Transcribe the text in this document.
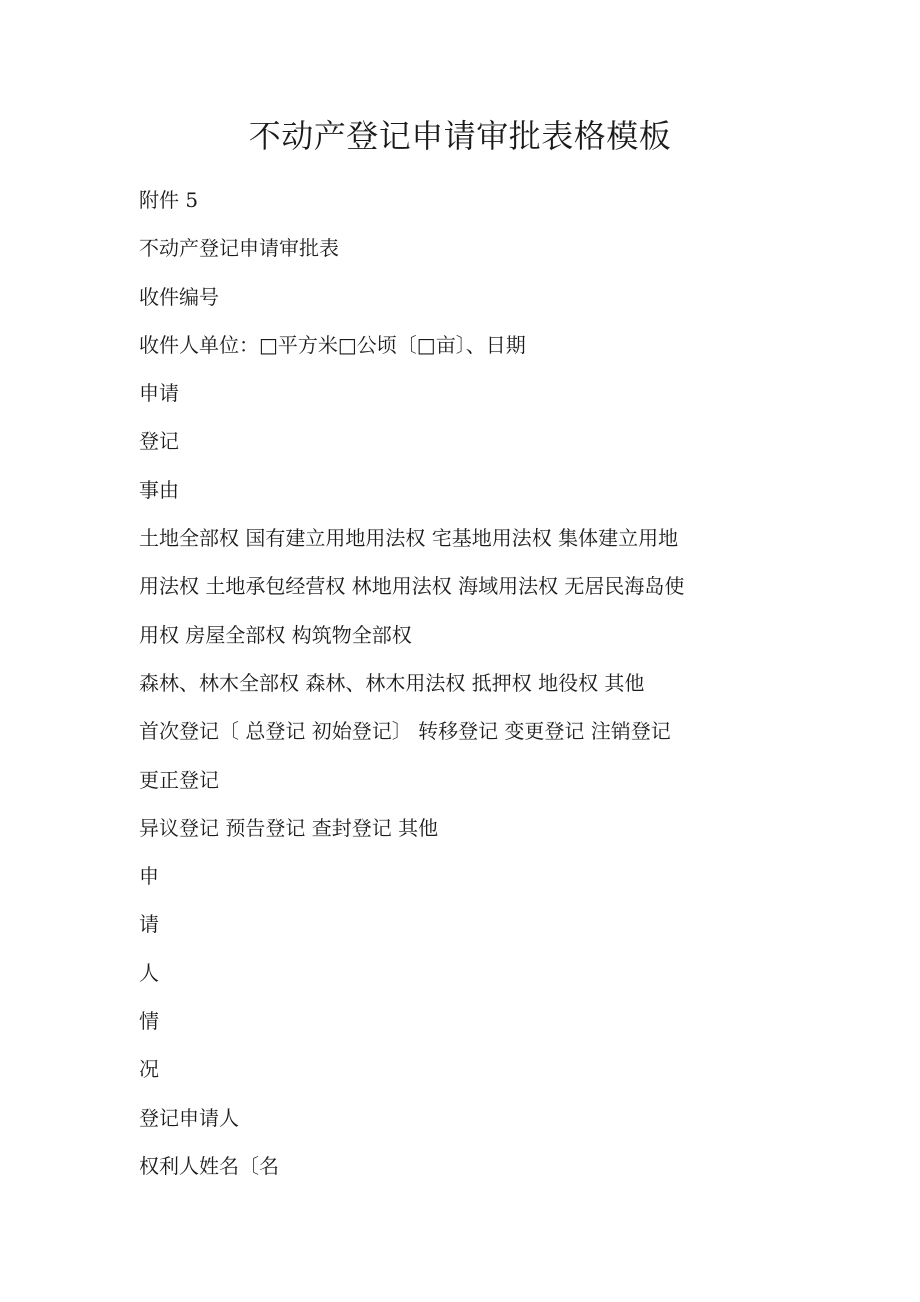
不动产登记申请审批表格模板
附件 5
不动产登记申请审批表
收件编号
收件人单位：□平方米□公顷〔□亩〕、日期
申请
登记
事由
土地全部权 国有建立用地用法权 宅基地用法权 集体建立用地
用法权 土地承包经营权 林地用法权 海域用法权 无居民海岛使
用权 房屋全部权 构筑物全部权
森林、林木全部权 森林、林木用法权 抵押权 地役权 其他
首次登记〔 总登记 初始登记〕 转移登记 变更登记 注销登记
更正登记
异议登记 预告登记 查封登记 其他
申
请
人
情
况
登记申请人
权利人姓名〔名
